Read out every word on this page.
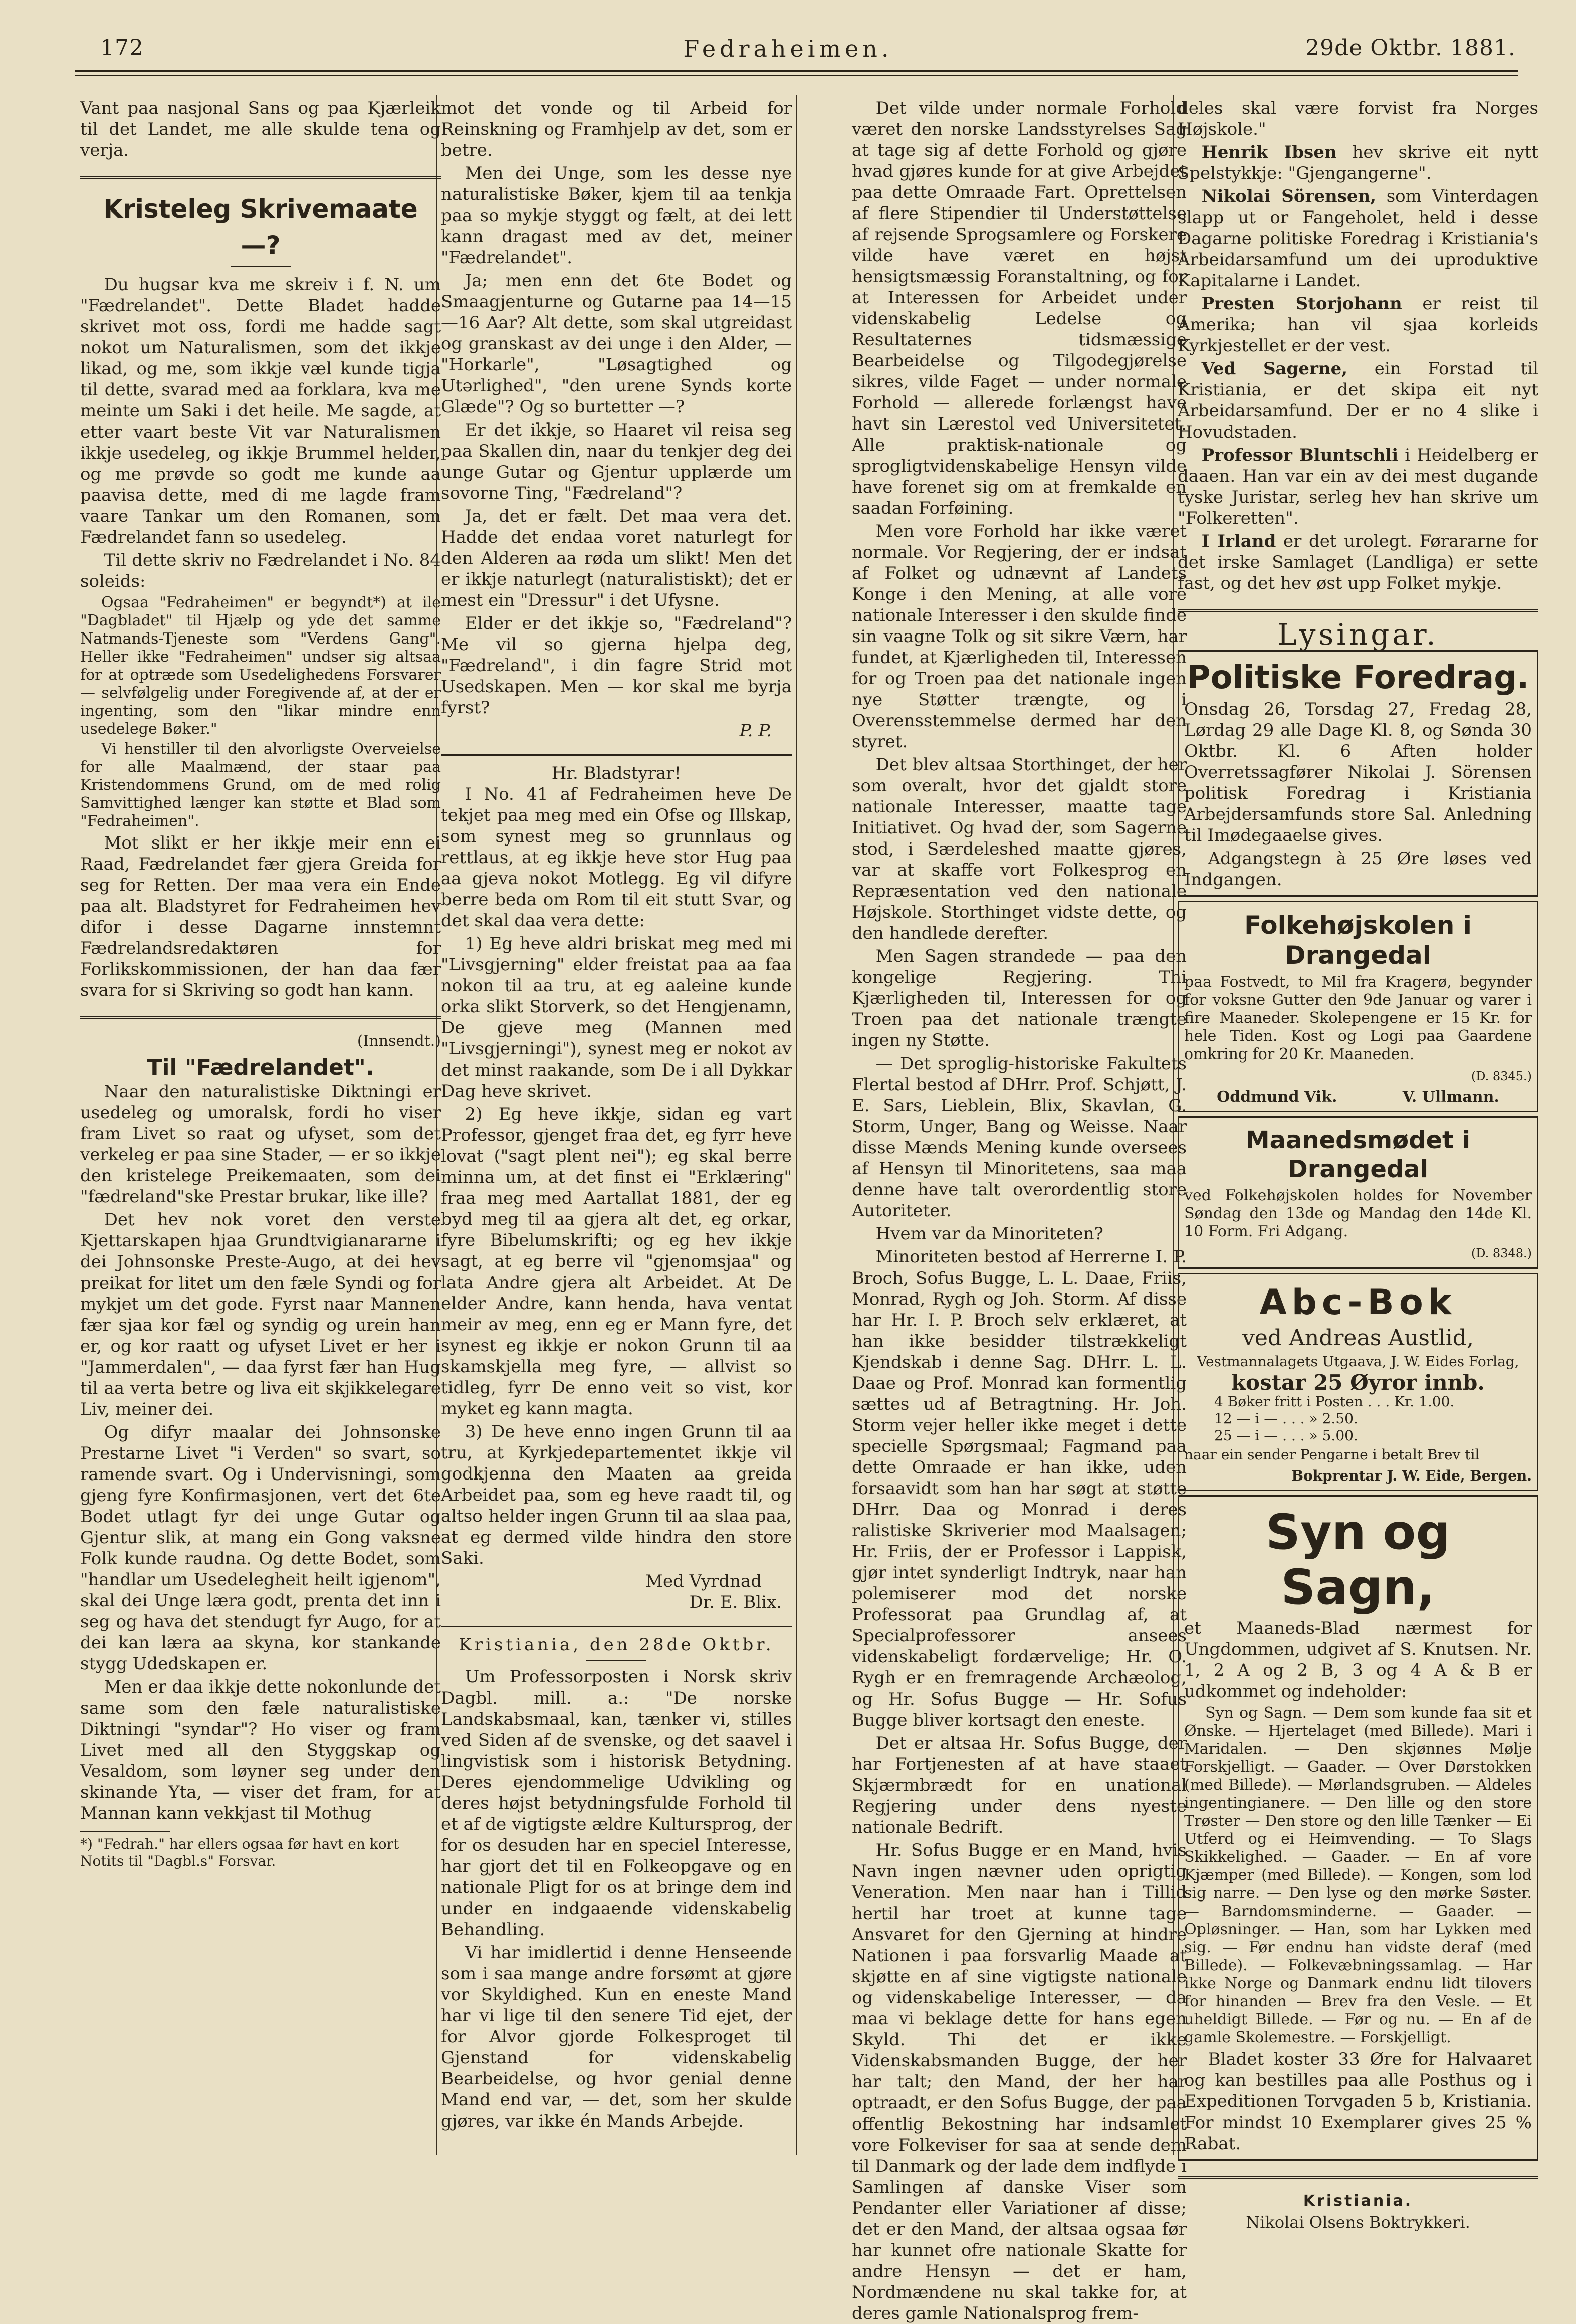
172	Fedraheimen.	29de Oktbr. 1881.

Vant paa nasjonal Sans og paa Kjærleik til det Landet, me alle skulde tena og verja.

Kristeleg Skrivemaate —?

Du hugsar kva me skreiv i f. N. um "Fædrelandet". Dette Bladet hadde skrivet mot oss, fordi me hadde sagt nokot um Naturalismen, som det ikkje likad, og me, som ikkje væl kunde tigja til dette, svarad med aa forklara, kva me meinte um Saki i det heile. Me sagde, at etter vaart beste Vit var Naturalismen ikkje usedeleg, og ikkje Brummel helder, og me prøvde so godt me kunde aa paavisa dette, med di me lagde fram vaare Tankar um den Romanen, som Fædrelandet fann so usedeleg.

Til dette skriv no Fædrelandet i No. 84 soleids:

Ogsaa "Fedraheimen" er begyndt*) at ile "Dagbladet" til Hjælp og yde det samme Natmands-Tjeneste som "Verdens Gang". Heller ikke "Fedraheimen" undser sig altsaa for at optræde som Usedelighedens Forsvarer — selvfølgelig under Foregivende af, at der er ingenting, som den "likar mindre enn usedelege Bøker."

Vi henstiller til den alvorligste Overveielse for alle Maalmænd, der staar paa Kristendommens Grund, om de med rolig Samvittighed længer kan støtte et Blad som "Fedraheimen".

Mot slikt er her ikkje meir enn ei Raad, Fædrelandet fær gjera Greida for seg for Retten. Der maa vera ein Ende paa alt. Bladstyret for Fedraheimen hev difor i desse Dagarne innstemnt Fædrelandsredaktøren for Forlikskommissionen, der han daa fær svara for si Skriving so godt han kann.

(Innsendt.)
Til "Fædrelandet".

Naar den naturalistiske Diktningi er usedeleg og umoralsk, fordi ho viser fram Livet so raat og ufyset, som det verkeleg er paa sine Stader, — er so ikkje den kristelege Preikemaaten, som dei "fædreland"ske Prestar brukar, like ille?

Det hev nok voret den verste Kjettarskapen hjaa Grundtvigianararne i dei Johnsonske Preste-Augo, at dei hev preikat for litet um den fæle Syndi og for mykjet um det gode. Fyrst naar Mannen fær sjaa kor fæl og syndig og urein han er, og kor raatt og ufyset Livet er her i "Jammerdalen", — daa fyrst fær han Hug til aa verta betre og liva eit skjikkelegare Liv, meiner dei.

Og difyr maalar dei Johnsonske Prestarne Livet "i Verden" so svart, so ramende svart. Og i Undervisningi, som gjeng fyre Konfirmasjonen, vert det 6te Bodet utlagt fyr dei unge Gutar og Gjentur slik, at mang ein Gong vaksne Folk kunde raudna. Og dette Bodet, som "handlar um Usedelegheit heilt igjenom", skal dei Unge læra godt, prenta det inn i seg og hava det stendugt fyr Augo, for at dei kan læra aa skyna, kor stankande stygg Udedskapen er.

Men er daa ikkje dette nokonlunde det same som den fæle naturalistiske Diktningi "syndar"? Ho viser og fram Livet med all den Styggskap og Vesaldom, som løyner seg under den skinande Yta, — viser det fram, for at Mannan kann vekkjast til Mothug

*) "Fedrah." har ellers ogsaa før havt en kort Notits til "Dagbl.s" Forsvar.

mot det vonde og til Arbeid for Reinskning og Framhjelp av det, som er betre.

Men dei Unge, som les desse nye naturalistiske Bøker, kjem til aa tenkja paa so mykje styggt og fælt, at dei lett kann dragast med av det, meiner "Fædrelandet".

Ja; men enn det 6te Bodet og Smaagjenturne og Gutarne paa 14—15—16 Aar? Alt dette, som skal utgreidast og granskast av dei unge i den Alder, — "Horkarle", "Løsagtighed og Utərlighed", "den urene Synds korte Glæde"? Og so burtetter —?

Er det ikkje, so Haaret vil reisa seg paa Skallen din, naar du tenkjer deg dei unge Gutar og Gjentur upplærde um sovorne Ting, "Fædreland"?

Ja, det er fælt. Det maa vera det. Hadde det endaa voret naturlegt for den Alderen aa røda um slikt! Men det er ikkje naturlegt (naturalistiskt); det er mest ein "Dressur" i det Ufysne.

Elder er det ikkje so, "Fædreland"? Me vil so gjerna hjelpa deg, "Fædreland", i din fagre Strid mot Usedskapen. Men — kor skal me byrja fyrst?

P. P.
Hr. Bladstyrar!

I No. 41 af Fedraheimen heve De tekjet paa meg med ein Ofse og Illskap, som synest meg so grunnlaus og rettlaus, at eg ikkje heve stor Hug paa aa gjeva nokot Motlegg. Eg vil difyre berre beda om Rom til eit stutt Svar, og det skal daa vera dette:

1) Eg heve aldri briskat meg med mi "Livsgjerning" elder freistat paa aa faa nokon til aa tru, at eg aaleine kunde orka slikt Storverk, so det Hengjenamn, De gjeve meg (Mannen med "Livsgjerningi"), synest meg er nokot av det minst raakande, som De i all Dykkar Dag heve skrivet.

2) Eg heve ikkje, sidan eg vart Professor, gjenget fraa det, eg fyrr heve lovat ("sagt plent nei"); eg skal berre minna um, at det finst ei "Erklæring" fraa meg med Aartallat 1881, der eg byd meg til aa gjera alt det, eg orkar, fyre Bibelumskrifti; og eg hev ikkje sagt, at eg berre vil "gjenomsjaa" og lata Andre gjera alt Arbeidet. At De elder Andre, kann henda, hava ventat meir av meg, enn eg er Mann fyre, det synest eg ikkje er nokon Grunn til aa skamskjella meg fyre, — allvist so tidleg, fyrr De enno veit so vist, kor myket eg kann magta.

3) De heve enno ingen Grunn til aa tru, at Kyrkjedepartementet ikkje vil godkjenna den Maaten aa greida Arbeidet paa, som eg heve raadt til, og altso helder ingen Grunn til aa slaa paa, at eg dermed vilde hindra den store Saki.

Med Vyrdnad
Dr. E. Blix.
Kristiania, den 28de Oktbr.

Um Professorposten i Norsk skriv Dagbl. mill. a.: "De norske Landskabsmaal, kan, tænker vi, stilles ved Siden af de svenske, og det saavel i lingvistisk som i historisk Betydning. Deres ejendommelige Udvikling og deres højst betydningsfulde Forhold til et af de vigtigste ældre Kultursprog, der for os desuden har en speciel Interesse, har gjort det til en Folkeopgave og en nationale Pligt for os at bringe dem ind under en indgaaende videnskabelig Behandling.

Vi har imidlertid i denne Henseende som i saa mange andre forsømt at gjøre vor Skyldighed. Kun en eneste Mand har vi lige til den senere Tid ejet, der for Alvor gjorde Folkesproget til Gjenstand for videnskabelig Bearbeidelse, og hvor genial denne Mand end var, — det, som her skulde gjøres, var ikke én Mands Arbejde.

Det vilde under normale Forhold været den norske Landsstyrelses Sag at tage sig af dette Forhold og gjøre hvad gjøres kunde for at give Arbejdet paa dette Omraade Fart. Oprettelsen af flere Stipendier til Understøttelse af rejsende Sprogsamlere og Forskere vilde have været en højst hensigtsmæssig Foranstaltning, og for at Interessen for Arbeidet under videnskabelig Ledelse og Resultaternes tidsmæssige Bearbeidelse og Tilgodegjørelse sikres, vilde Faget — under normale Forhold — allerede forlængst have havt sin Lærestol ved Universitetet. Alle praktisk-nationale og sprogligtvidenskabelige Hensyn vilde have forenet sig om at fremkalde en saadan Forføining.

Men vore Forhold har ikke været normale. Vor Regjering, der er indsat af Folket og udnævnt af Landets Konge i den Mening, at alle vore nationale Interesser i den skulde finde sin vaagne Tolk og sit sikre Værn, har fundet, at Kjærligheden til, Interessen for og Troen paa det nationale ingen nye Støtter trængte, og i Overensstemmelse dermed har den styret.

Det blev altsaa Storthinget, der her som overalt, hvor det gjaldt store nationale Interesser, maatte tage Initiativet. Og hvad der, som Sagerne stod, i Særdeleshed maatte gjøres, var at skaffe vort Folkesprog en Repræsentation ved den nationale Højskole. Storthinget vidste dette, og den handlede derefter.

Men Sagen strandede — paa den kongelige Regjering. Thi Kjærligheden til, Interessen for og Troen paa det nationale trængte ingen ny Støtte.

— Det sproglig-historiske Fakultets Flertal bestod af DHrr. Prof. Schjøtt, J. E. Sars, Lieblein, Blix, Skavlan, G. Storm, Unger, Bang og Weisse. Naar disse Mænds Mening kunde oversees af Hensyn til Minoritetens, saa maa denne have talt overordentlig store Autoriteter.

Hvem var da Minoriteten?

Minoriteten bestod af Herrerne I. P. Broch, Sofus Bugge, L. L. Daae, Friis, Monrad, Rygh og Joh. Storm. Af disse har Hr. I. P. Broch selv erklæret, at han ikke besidder tilstrækkeligt Kjendskab i denne Sag. DHrr. L. L. Daae og Prof. Monrad kan formentlig sættes ud af Betragtning. Hr. Joh. Storm vejer heller ikke meget i dette specielle Spørgsmaal; Fagmand paa dette Omraade er han ikke, uden forsaavidt som han har søgt at støtte DHrr. Daa og Monrad i deres ralistiske Skriverier mod Maalsagen; Hr. Friis, der er Professor i Lappisk, gjør intet synderligt Indtryk, naar han polemiserer mod det norske Professorat paa Grundlag af, at Specialprofessorer ansees videnskabeligt fordærvelige; Hr. O. Rygh er en fremragende Archæolog, og Hr. Sofus Bugge — Hr. Sofus Bugge bliver kortsagt den eneste.

Det er altsaa Hr. Sofus Bugge, der har Fortjenesten af at have staaet Skjærmbrædt for en unational Regjering under dens nyeste nationale Bedrift.

Hr. Sofus Bugge er en Mand, hvis Navn ingen nævner uden oprigtig Veneration. Men naar han i Tillid hertil har troet at kunne tage Ansvaret for den Gjerning at hindre Nationen i paa forsvarlig Maade at skjøtte en af sine vigtigste nationale og videnskabelige Interesser, — da maa vi beklage dette for hans egen Skyld. Thi det er ikke Videnskabsmanden Bugge, der her har talt; den Mand, der her har optraadt, er den Sofus Bugge, der paa offentlig Bekostning har indsamlet vore Folkeviser for saa at sende dem til Danmark og der lade dem indflyde i Samlingen af danske Viser som Pendanter eller Variationer af disse; det er den Mand, der altsaa ogsaa før har kunnet ofre nationale Skatte for andre Hensyn — det er ham, Nordmændene nu skal takke for, at deres gamle Nationalsprog frem-

deles skal være forvist fra Norges Højskole."

Henrik Ibsen hev skrive eit nytt Spelstykkje: "Gjengangerne".

Nikolai Sörensen, som Vinterdagen slapp ut or Fangeholet, held i desse Dagarne politiske Foredrag i Kristiania's Arbeidarsamfund um dei uproduktive Kapitalarne i Landet.

Presten Storjohann er reist til Amerika; han vil sjaa korleids Kyrkjestellet er der vest.

Ved Sagerne, ein Forstad til Kristiania, er det skipa eit nyt Arbeidarsamfund. Der er no 4 slike i Hovudstaden.

Professor Bluntschli i Heidelberg er daaen. Han var ein av dei mest dugande tyske Juristar, serleg hev han skrive um "Folkeretten".

I Irland er det urolegt. Førararne for det irske Samlaget (Landliga) er sette fast, og det hev øst upp Folket mykje.

Lysingar.
Politiske Foredrag.

Onsdag 26, Torsdag 27, Fredag 28, Lørdag 29 alle Dage Kl. 8, og Sønda 30 Oktbr. Kl. 6 Aften holder Overretssagfører Nikolai J. Sörensen politisk Foredrag i Kristiania Arbejdersamfunds store Sal. Anledning til Imødegaaelse gives.

Adgangstegn à 25 Øre løses ved Indgangen.

Folkehøjskolen i Drangedal

paa Fostvedt, to Mil fra Kragerø, begynder for voksne Gutter den 9de Januar og varer i fire Maaneder. Skolepengene er 15 Kr. for hele Tiden. Kost og Logi paa Gaardene omkring for 20 Kr. Maaneden.

(D. 8345.)
Oddmund Vik.	V. Ullmann.
Maanedsmødet i Drangedal

ved Folkehøjskolen holdes for November Søndag den 13de og Mandag den 14de Kl. 10 Form. Fri Adgang.

(D. 8348.)
Abc-Bok
ved Andreas Austlid,
Vestmannalagets Utgaava, J. W. Eides Forlag,
kostar 25 Øyror innb.
4 Bøker fritt i Posten . . . Kr. 1.00.
12 — i — . . . » 2.50.
25 — i — . . . » 5.00.
naar ein sender Pengarne i betalt Brev til
Bokprentar J. W. Eide, Bergen.
Syn og Sagn,

et Maaneds-Blad nærmest for Ungdommen, udgivet af S. Knutsen. Nr. 1, 2 A og 2 B, 3 og 4 A & B er udkommet og indeholder:

Syn og Sagn. — Dem som kunde faa sit et Ønske. — Hjertelaget (med Billede). Mari i Maridalen. — Den skjønnes Mølje Forskjelligt. — Gaader. — Over Dørstokken (med Billede). — Mørlandsgruben. — Aldeles ingentingianere. — Den lille og den store Trøster — Den store og den lille Tænker — Ei Utferd og ei Heimvending. — To Slags Skikkelighed. — Gaader. — En af vore Kjæmper (med Billede). — Kongen, som lod sig narre. — Den lyse og den mørke Søster. — Barndomsminderne. — Gaader. — Opløsninger. — Han, som har Lykken med sig. — Før endnu han vidste deraf (med Billede). — Folkevæbningssamlag. — Har ikke Norge og Danmark endnu lidt tilovers for hinanden — Brev fra den Vesle. — Et uheldigt Billede. — Før og nu. — En af de gamle Skolemestre. — Forskjelligt.

Bladet koster 33 Øre for Halvaaret og kan bestilles paa alle Posthus og i Expeditionen Torvgaden 5 b, Kristiania. For mindst 10 Exemplarer gives 25 % Rabat.

Kristiania.
Nikolai Olsens Boktrykkeri.
